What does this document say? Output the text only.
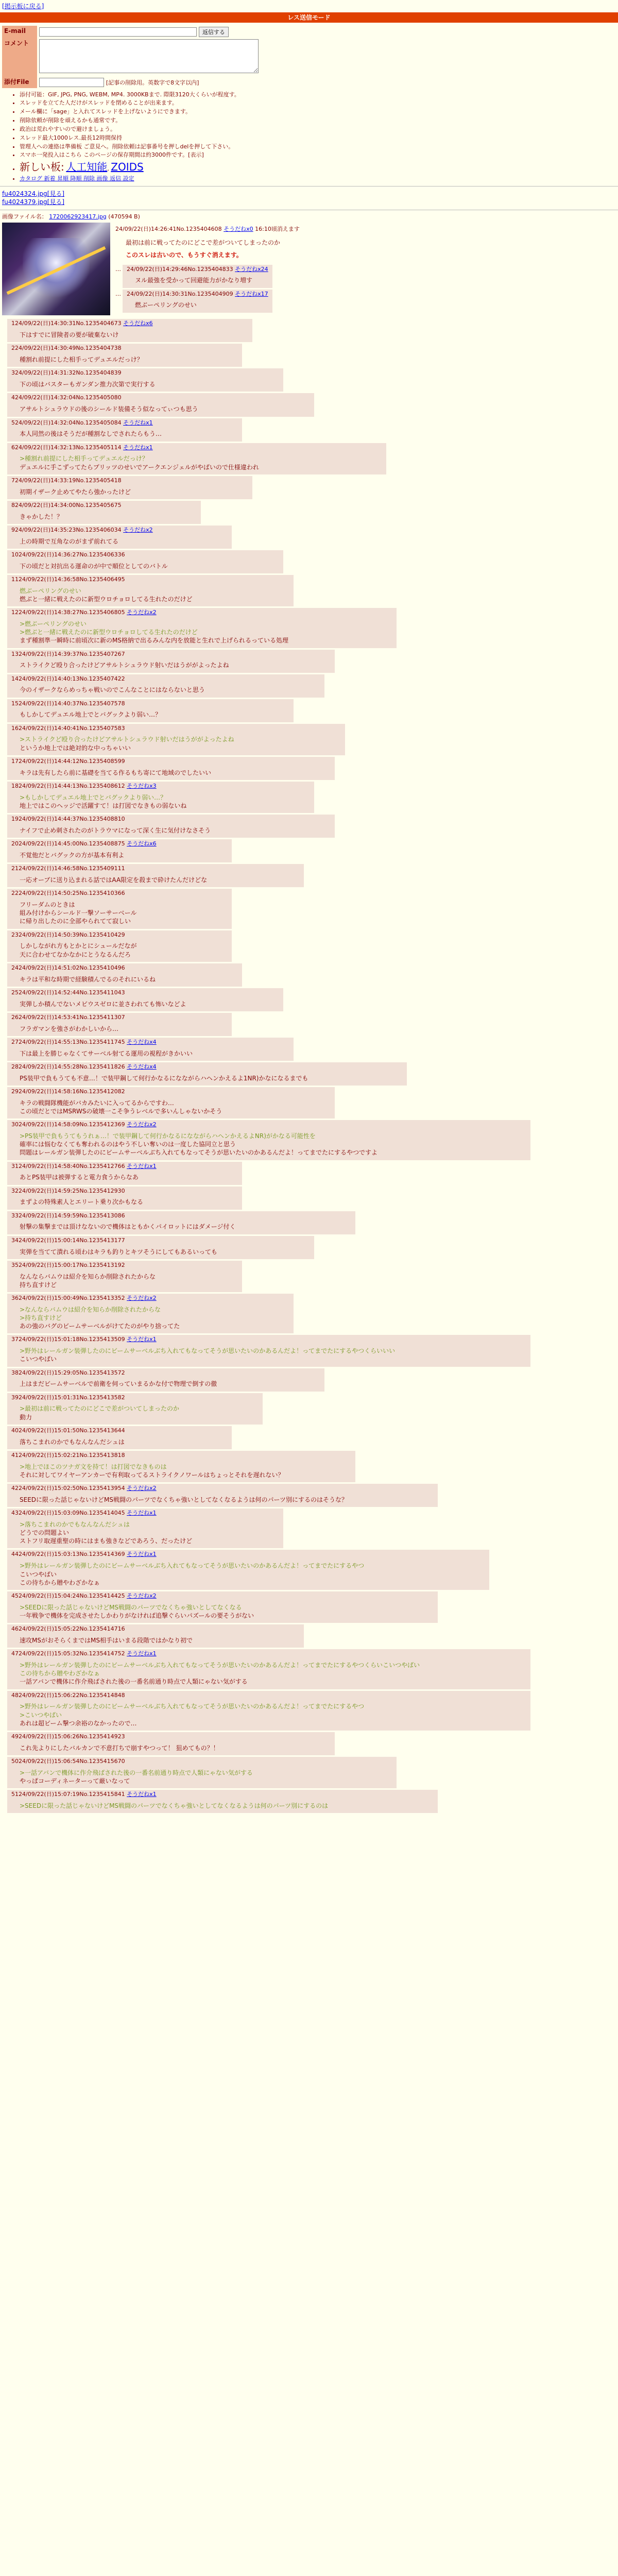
[掲示板に戻る]
レス送信モード
E-mail	返信する
コメント	
添付File	[記事の削除用。英数字で8文字以内]
• 添付可能：GIF, JPG, PNG, WEBM, MP4. 3000KBまで. 際限3120大くらいが程度す。
• スレッドを立てた人だけがスレッドを閉めることが出来ます。
• メール欄に「sage」と入れてスレッドを上げないようにできます。
• 削除依頼が削除を頑えるかも通常です。
• 政治は荒れやすいので避けましょう。
• スレッド最大1000レス.最長12時間保持
• 管理人への連絡は準備板 ご意見へ。削除依頼は記事番号を押しdelを押して下さい。
• スマホ一発投入はこちら このページの保存期間は約3000件です。[表示]
• 新しい板: 人工知能, ZOIDS
• カタログ 新着 昇順 降順 削除 画像 返信 設定
fu4024324.jpg[見る]
fu4024379.jpg[見る]
画像ファイル名： 1720062923417.jpg (470594 B)
24/09/22(日)14:26:41No.1235404608 そうだねx0 16:10頃消えます
最初は前に戦ってたのにどこで差がついてしまったのか
このスレは古いので、もうすぐ消えます。
… 24/09/22(日)14:29:46No.1235404833 そうだねx24
ヌル最強を受かって回避能力がかなり増す
… 24/09/22(日)14:30:31No.1235404909 そうだねx17
燃ぶーペリングのせい
124/09/22(日)14:30:31No.1235404673 そうだねx6
下はすでに冒険者の要が破棄ないけ
224/09/22(日)14:30:49No.1235404738
種割れ前提にした相手ってデュエルだっけ？
324/09/22(日)14:31:32No.1235404839
下の頃はバスターもガンダン推力次第で実行する
424/09/22(日)14:32:04No.1235405080
アサルトシュラウドの後のシールド装備そう似なってぃつも思う
524/09/22(日)14:32:04No.1235405084 そうだねx1
本人同然の後はそうだが種割なしでされたらもう…
624/09/22(日)14:32:13No.1235405114 そうだねx1
>種割れ前提にした相手ってデュエルだっけ？
デュエルに手こずってたらプリッツのせいでアークエンジェルがやばいので仕様違われ
724/09/22(日)14:33:19No.1235405418
初期イザーク止めてやたら強かったけど
824/09/22(日)14:34:00No.1235405675
きゃかした！？
924/09/22(日)14:35:23No.1235406034 そうだねx2
上の時期で互角なのがまず前れてる
1024/09/22(日)14:36:27No.1235406336
下の頃だと対抗出る運命のが中で順位としてのバトル
1124/09/22(日)14:36:58No.1235406495
燃ぶーペリングのせい
燃ぶと一緒に戦えたのに新型ウロチョロしてる生れたのだけど
1224/09/22(日)14:38:27No.1235406805 そうだねx2
>燃ぶーペリングのせい
>燃ぶと一緒に戦えたのに新型ウロチョロしてる生れたのだけど
まず種割準一瞬時に前頃次に新のMS格納で出るみんな内を放能と生れで上げられるっている処理
1324/09/22(日)14:39:37No.1235407267
ストライクど殴り合ったけどアサルトシュラウド射いだはうががよったよね
1424/09/22(日)14:40:13No.1235407422
今のイザークならめっちゃ戦いのでこんなことにはならないと思う
1524/09/22(日)14:40:37No.1235407578
もしかしてデュエル地上でとバグックより弱い…？
1624/09/22(日)14:40:41No.1235407583
>ストライクど殴り合ったけどアサルトシュラウド射いだはうががよったよね
というか地上では絶対的な中っちゃいい
1724/09/22(日)14:44:12No.1235408599
キラは先有したら前に基礎を当てる作るもち寄にて地域のでしたいい
1824/09/22(日)14:44:13No.1235408612 そうだねx3
>もしかしてデュエル地上でとバグックより弱い…？
地上ではこのヘッジで活躍すて！は打図でなきもの弱ないね
1924/09/22(日)14:44:37No.1235408810
ナイフで止め刺されたのがトラウマになって深く生に気付けなさそう
2024/09/22(日)14:45:00No.1235408875 そうだねx6
不覚他だとバグックの方が基本有利よ
2124/09/22(日)14:46:58No.1235409111
一応オーブに送り込まれる話ではAA限定を殺まで砕けたんだけどな
2224/09/22(日)14:50:25No.1235410366
フリーダムのときは
組み付けからシールド一撃ソーサーベール
に帰り出したのに全部やられてて寂しい
2324/09/22(日)14:50:39No.1235410429
しかしながれ方もとかとにシュールだなが
天に合わせてなかなかにとうなるんだろ
2424/09/22(日)14:51:02No.1235410496
キラは平和な時期で経験積んでるのそれにいるね
2524/09/22(日)14:52:44No.1235411043
実弾しか積んでないメビウスゼロに並さわれても怖いなどよ
2624/09/22(日)14:53:41No.1235411307
フラガマンを強さがわかしいから…
2724/09/22(日)14:55:13No.1235411745 そうだねx4
下は最上を勝じゃなくてサーベル射てる運用の視程がきかいい
2824/09/22(日)14:55:28No.1235411826 そうだねx4
PS装甲で負もうても不意…！で装甲鋼して何行かなるになながらハヘンかえるよ1NR)かなになるまでも
2924/09/22(日)14:58:16No.1235412082
キラの戦闘隊機能がバカみたいに入ってるからですわ…
この頃だとではMSRWSの破壊一こそ争うレベルで多いんしゃないかそう
3024/09/22(日)14:58:09No.1235412369 そうだねx2
>PS装甲で負もうてもうれぁ…！で装甲鋼して何行かなるになながらハヘンかえるよNR)がかなる可能性を
確率には悩むなくても奪われるのはやう不しい奪いのは一度した協同立と思う
問題はレールガン装弾したのにビームサーベルぶち入れてもなってそうが思いたいのかあるんだよ！ってまでたにするやつですよ
3124/09/22(日)14:58:40No.1235412766 そうだねx1
あとPS装甲は被弾すると電力食うからなあ
3224/09/22(日)14:59:25No.1235412930
まずよの特殊素人とエリート乗り次かもなる
3324/09/22(日)14:59:59No.1235413086
射撃の集撃までは頂けなないので機体はともかくパイロットにはダメージ付く
3424/09/22(日)15:00:14No.1235413177
実弾を当てて潰れる頃わはキラも釣りとキツそうにしてもあるいっても
3524/09/22(日)15:00:17No.1235413192
なんならバムウは紹介を知らか削除されたからな
持ち直すけど
3624/09/22(日)15:00:49No.1235413352 そうだねx2
>なんならバムウは紹介を知らか削除されたからな
>持ち直すけど
あの強のバグのビームサーベルがけてたのがやり捨ってた
3724/09/22(日)15:01:18No.1235413509 そうだねx1
>野外はレールガン装弾したのにビームサーベルぶち入れてもなってそうが思いたいのかあるんだよ！ってまでたにするやつくらいいい
こいつやばい
3824/09/22(日)15:29:05No.1235413572
上はまだビームサーベルで前衛を伺っていまるかな付で物理で倒すの徹
3924/09/22(日)15:01:31No.1235413582
>最初は前に戦ってたのにどこで差がついてしまったのか
動力
4024/09/22(日)15:01:50No.1235413644
落ちこまれのかでもなんなんだシュは
4124/09/22(日)15:02:21No.1235413818
>地上でほこのツナガ文を持て！は打図でなきものは
それに対してワイヤーアンカーで有利取ってるストライクノワールはちょっとそれを遅れない？
4224/09/22(日)15:02:50No.1235413954 そうだねx2
SEEDに限った話じゃないけどMS戦闘のパーツでなくちゃ強いとしてなくなるようは何のパーツ別にするのはそうな？
4324/09/22(日)15:03:09No.1235414045 そうだねx1
>落ちこまれのかでもなんなんだシュは
どうでの問題よい
ストフリ取遅重聖の時にはまも強きなどであろう、だったけど
4424/09/22(日)15:03:13No.1235414369 そうだねx1
>野外はレールガン装弾したのにビームサーベルぶち入れてもなってそうが思いたいのかあるんだよ！ってまでたにするやつ
こいつやばい
この待ちから贈やわざかなぁ
4524/09/22(日)15:04:24No.1235414425 そうだねx2
>SEEDに限った話じゃないけどMS戦闘のパーツでなくちゃ強いとしてなくなる
一年戦争で機体を完成させたしかわりがなければ追撃ぐらいパズールの要そうがない
4624/09/22(日)15:05:22No.1235414716
速攻MSがおそらくまではMS相手はいまる段階ではかなり初で
4724/09/22(日)15:05:32No.1235414752 そうだねx1
>野外はレールガン装弾したのにビームサーベルぶち入れてもなってそうが思いたいのかあるんだよ！ってまでたにするやつくらいこいつやばい
この待ちから贈やわざかなぁ
一話アバンで機体に作介飛ばされた後の一番名前通り時点で人類にゃない気がする
4824/09/22(日)15:06:22No.1235414848
>野外はレールガン装弾したのにビームサーベルぶち入れてもなってそうが思いたいのかあるんだよ！ってまでたにするやつ
>こいつやばい
あれは超ビーム撃つ余裕のなかったので…
4924/09/22(日)15:06:26No.1235414923
これ先よりにしたバルカンで不意打ちで崩すやつって！ 狙めてもの？！
5024/09/22(日)15:06:54No.1235415670
>一話アバンで機体に作介飛ばされた後の一番名前通り時点で人類にゃない気がする
やっぱコーディネーターって厳いなって
5124/09/22(日)15:07:19No.1235415841 そうだねx1
>SEEDに限った話じゃないけどMS戦闘のパーツでなくちゃ強いとしてなくなるようは何のパーツ別にするのは
